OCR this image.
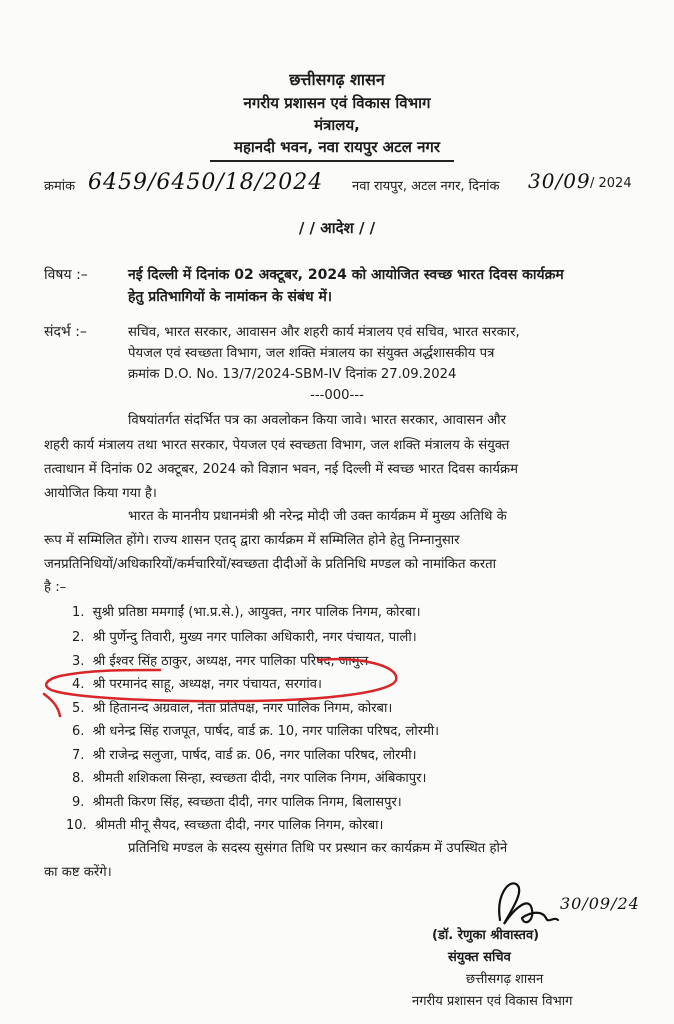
छत्तीसगढ़ शासन
नगरीय प्रशासन एवं विकास विभाग
मंत्रालय,
महानदी भवन, नवा रायपुर अटल नगर
क्रमांक 6459/6450/18/2024 नवा रायपुर, अटल नगर, दिनांक 30/09 / 2024
/ / आदेश / /
विषय :–	नई दिल्ली में दिनांक 02 अक्टूबर, 2024 को आयोजित स्वच्छ भारत दिवस कार्यक्रम
हेतु प्रतिभागियों के नामांकन के संबंध में।
संदर्भ :–	सचिव, भारत सरकार, आवासन और शहरी कार्य मंत्रालय एवं सचिव, भारत सरकार,
पेयजल एवं स्वच्छता विभाग, जल शक्ति मंत्रालय का संयुक्त अर्द्धशासकीय पत्र
क्रमांक D.O. No. 13/7/2024-SBM-IV दिनांक 27.09.2024
---000---
विषयांतर्गत संदर्भित पत्र का अवलोकन किया जावे। भारत सरकार, आवासन और
शहरी कार्य मंत्रालय तथा भारत सरकार, पेयजल एवं स्वच्छता विभाग, जल शक्ति मंत्रालय के संयुक्त
तत्वाधान में दिनांक 02 अक्टूबर, 2024 को विज्ञान भवन, नई दिल्ली में स्वच्छ भारत दिवस कार्यक्रम
आयोजित किया गया है।
भारत के माननीय प्रधानमंत्री श्री नरेन्द्र मोदी जी उक्त कार्यक्रम में मुख्य अतिथि के
रूप में सम्मिलित होंगे। राज्य शासन एतद् द्वारा कार्यक्रम में सम्मिलित होने हेतु निम्नानुसार
जनप्रतिनिधियों/अधिकारियों/कर्मचारियों/स्वच्छता दीदीओं के प्रतिनिधि मण्डल को नामांकित करता
है :–
1. सुश्री प्रतिष्ठा ममगाईं (भा.प्र.से.), आयुक्त, नगर पालिक निगम, कोरबा।
2. श्री पुर्णेन्दु तिवारी, मुख्य नगर पालिका अधिकारी, नगर पंचायत, पाली।
3. श्री ईश्वर सिंह ठाकुर, अध्यक्ष, नगर पालिका परिषद, जामुल
4. श्री परमानंद साहू, अध्यक्ष, नगर पंचायत, सरगांव।
5. श्री हितानन्द अग्रवाल, नेता प्रतिपक्ष, नगर पालिक निगम, कोरबा।
6. श्री धनेन्द्र सिंह राजपूत, पार्षद, वार्ड क्र. 10, नगर पालिका परिषद, लोरमी।
7. श्री राजेन्द्र सलुजा, पार्षद, वार्ड क्र. 06, नगर पालिका परिषद, लोरमी।
8. श्रीमती शशिकला सिन्हा, स्वच्छता दीदी, नगर पालिक निगम, अंबिकापुर।
9. श्रीमती किरण सिंह, स्वच्छता दीदी, नगर पालिक निगम, बिलासपुर।
10. श्रीमती मीनू सैयद, स्वच्छता दीदी, नगर पालिक निगम, कोरबा।
प्रतिनिधि मण्डल के सदस्य सुसंगत तिथि पर प्रस्थान कर कार्यक्रम में उपस्थित होने
का कष्ट करेंगे।
30/09/24
(डॉ. रेणुका श्रीवास्तव)
संयुक्त सचिव
छत्तीसगढ़ शासन
नगरीय प्रशासन एवं विकास विभाग
